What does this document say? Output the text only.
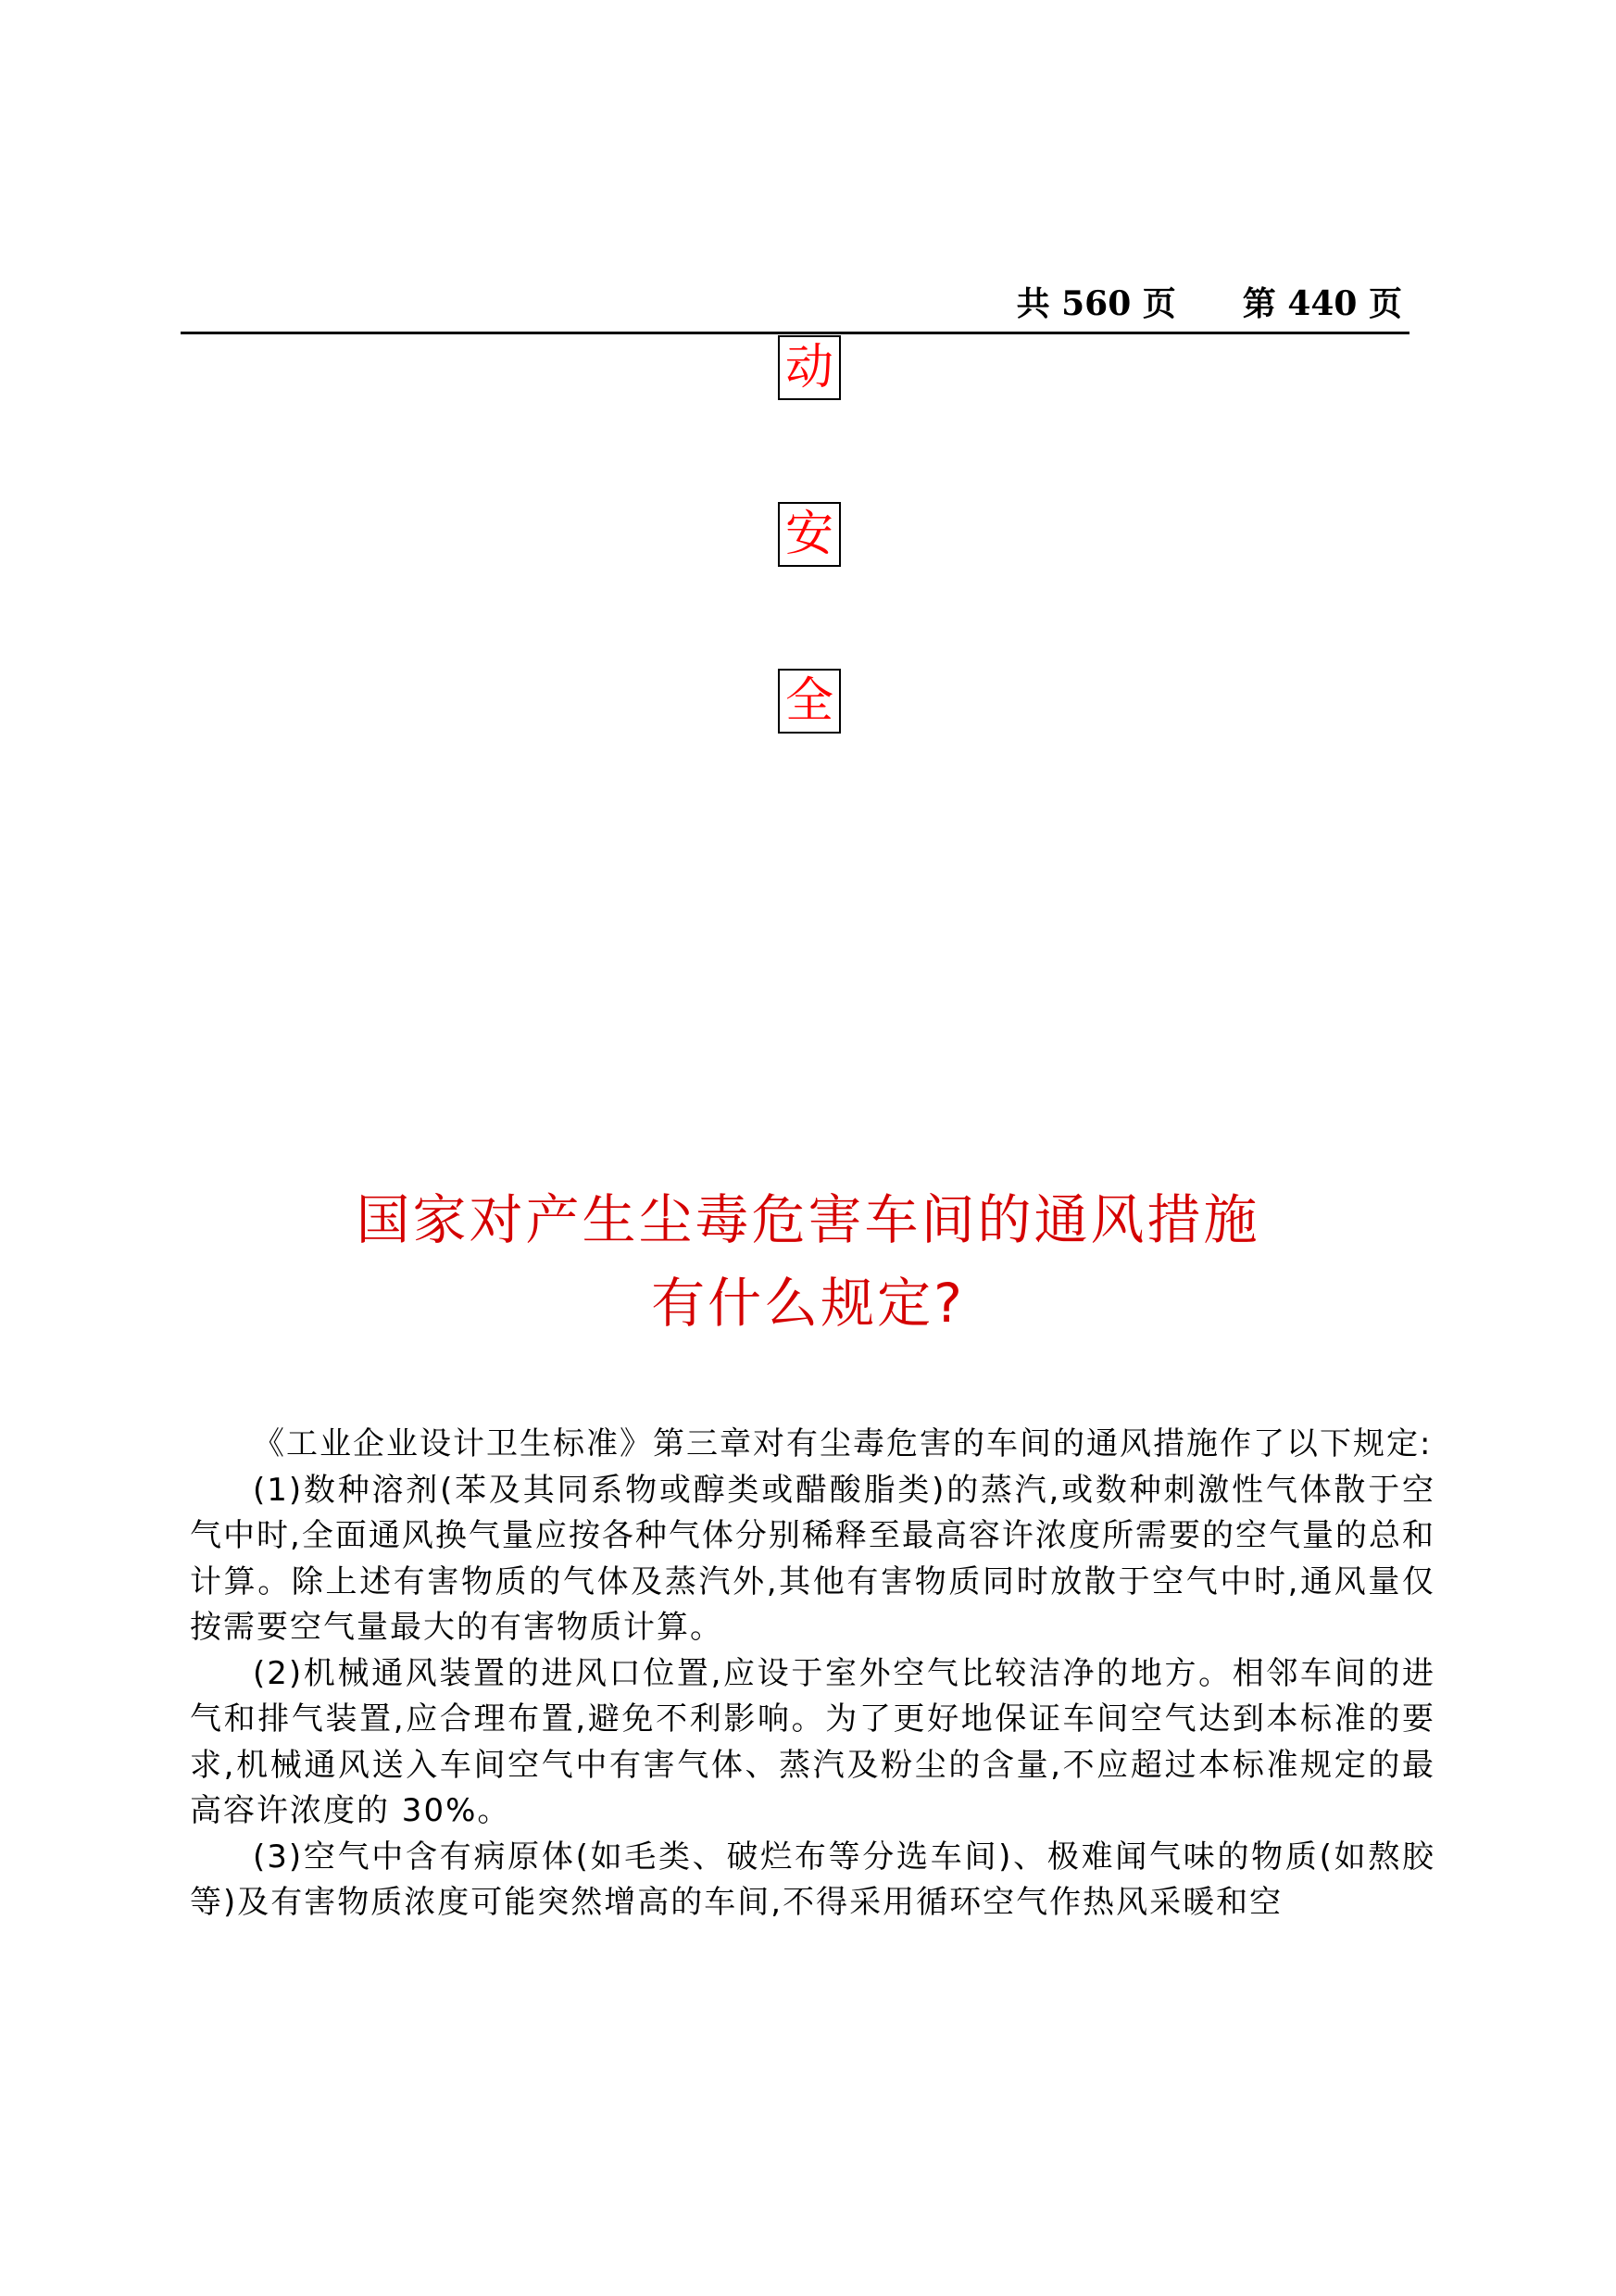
共 560 页 第 440 页
动
安
全
国家对产生尘毒危害车间的通风措施
有什么规定?

《工业企业设计卫生标准》第三章对有尘毒危害的车间的通风措施作了以下规定:

(1)数种溶剂(苯及其同系物或醇类或醋酸脂类)的蒸汽,或数种刺激性气体散于空气中时,全面通风换气量应按各种气体分别稀释至最高容许浓度所需要的空气量的总和计算。除上述有害物质的气体及蒸汽外,其他有害物质同时放散于空气中时,通风量仅按需要空气量最大的有害物质计算。

(2)机械通风装置的进风口位置,应设于室外空气比较洁净的地方。相邻车间的进气和排气装置,应合理布置,避免不利影响。为了更好地保证车间空气达到本标准的要求,机械通风送入车间空气中有害气体、蒸汽及粉尘的含量,不应超过本标准规定的最高容许浓度的 30%。

(3)空气中含有病原体(如毛类、破烂布等分选车间)、极难闻气味的物质(如熬胶等)及有害物质浓度可能突然增高的车间,不得采用循环空气作热风采暖和空
